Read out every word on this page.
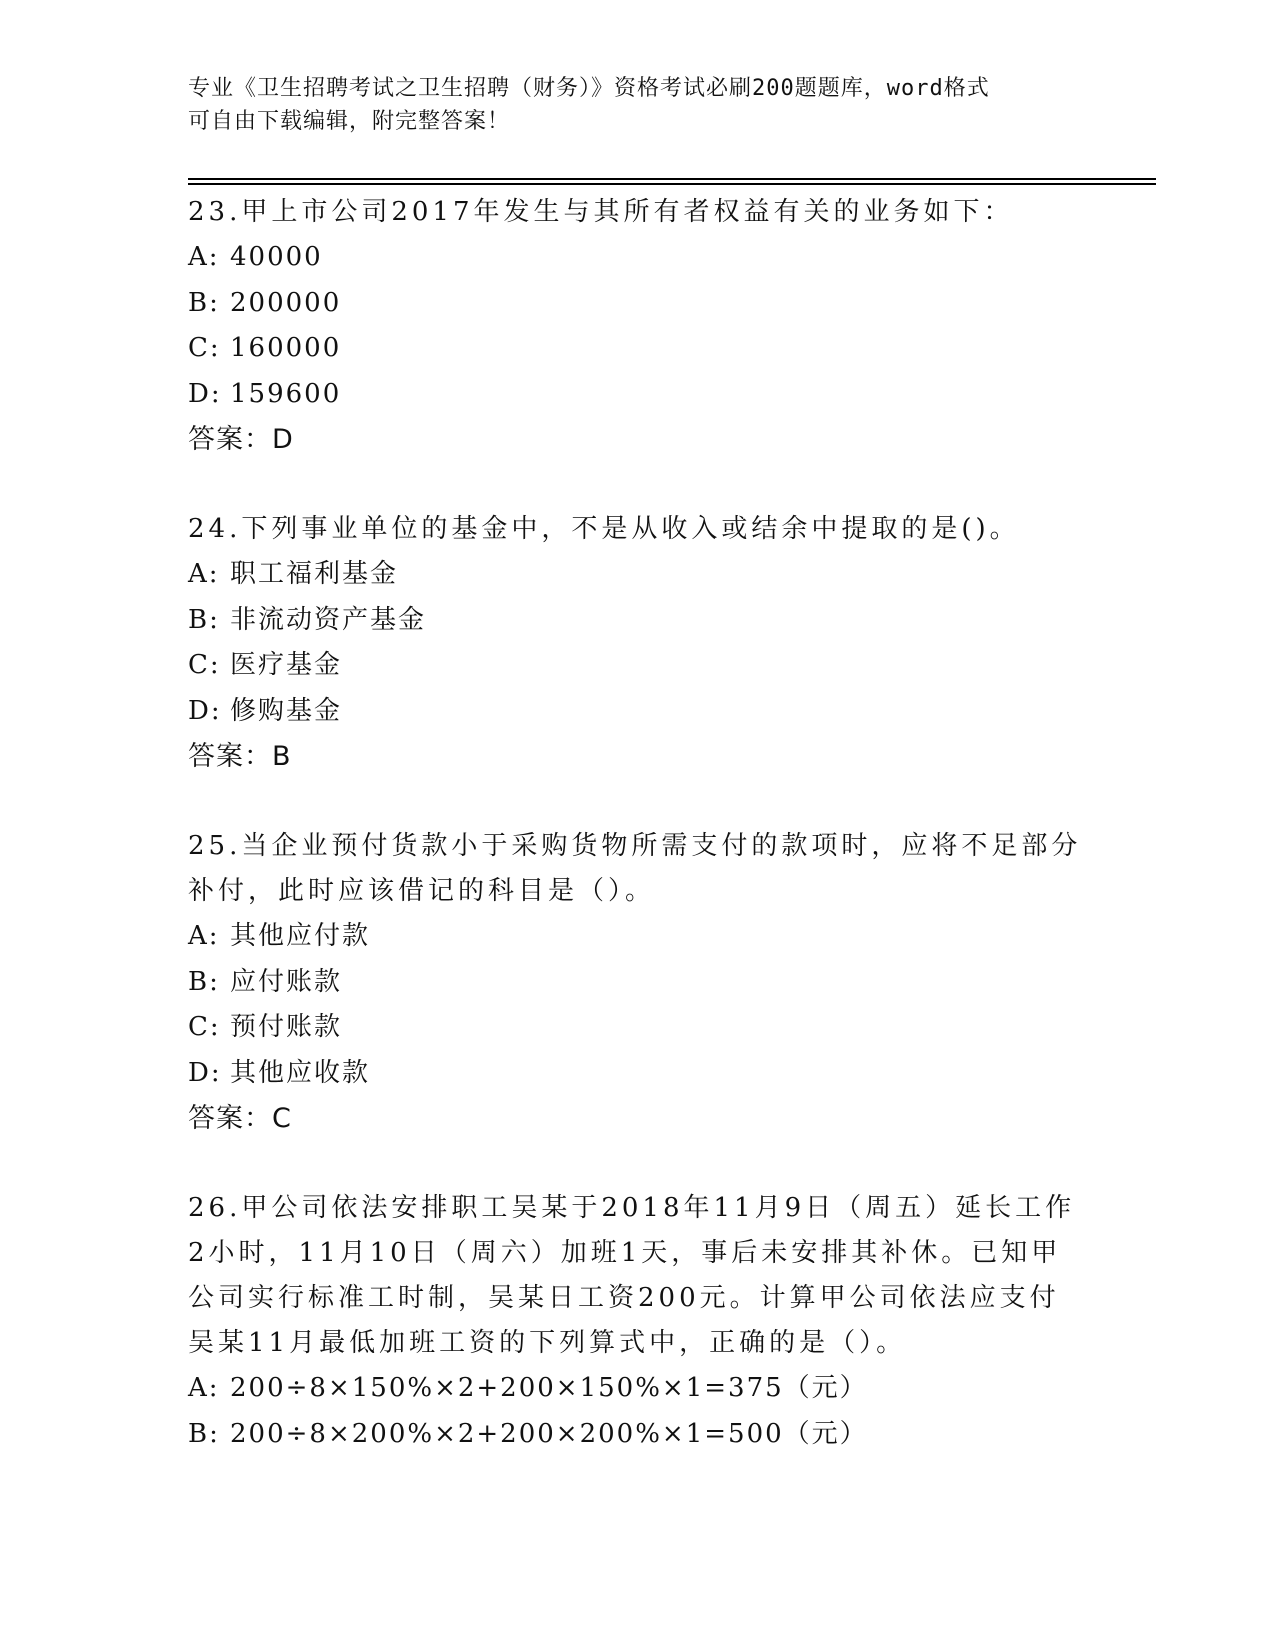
专业《卫生招聘考试之卫生招聘（财务）》资格考试必刷200题题库，word格式
可自由下载编辑，附完整答案！
23.甲上市公司2017年发生与其所有者权益有关的业务如下：
A: 40000
B: 200000
C: 160000
D: 159600
答案：D
24.下列事业单位的基金中，不是从收入或结余中提取的是()。
A: 职工福利基金
B: 非流动资产基金
C: 医疗基金
D: 修购基金
答案：B
25.当企业预付货款小于采购货物所需支付的款项时，应将不足部分补付，此时应该借记的科目是（）。
A: 其他应付款
B: 应付账款
C: 预付账款
D: 其他应收款
答案：C
26.甲公司依法安排职工吴某于2018年11月9日（周五）延长工作2小时，11月10日（周六）加班1天，事后未安排其补休。已知甲公司实行标准工时制，吴某日工资200元。计算甲公司依法应支付吴某11月最低加班工资的下列算式中，正确的是（）。
A: 200÷8×150%×2+200×150%×1=375（元）
B: 200÷8×200%×2+200×200%×1=500（元）
